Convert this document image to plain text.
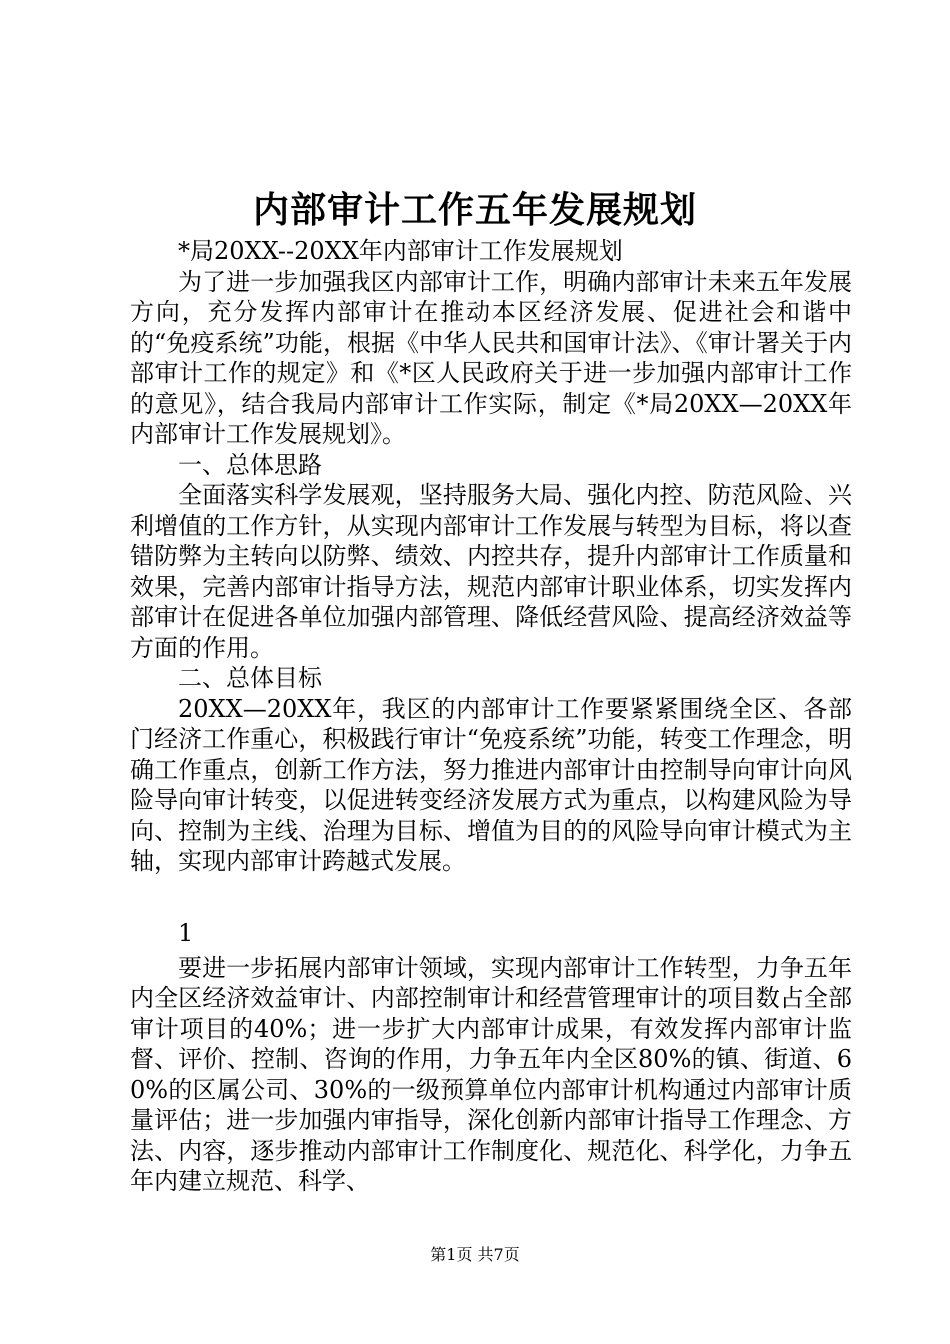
内部审计工作五年发展规划

*局20XX--20XX年内部审计工作发展规划

为了进一步加强我区内部审计工作，明确内部审计未来五年发展方向，充分发挥内部审计在推动本区经济发展、促进社会和谐中的“免疫系统”功能，根据《中华人民共和国审计法》、《审计署关于内部审计工作的规定》和《*区人民政府关于进一步加强内部审计工作的意见》，结合我局内部审计工作实际，制定《*局20XX—20XX年内部审计工作发展规划》。

一、总体思路

全面落实科学发展观，坚持服务大局、强化内控、防范风险、兴利增值的工作方针，从实现内部审计工作发展与转型为目标，将以查错防弊为主转向以防弊、绩效、内控共存，提升内部审计工作质量和效果，完善内部审计指导方法，规范内部审计职业体系，切实发挥内部审计在促进各单位加强内部管理、降低经营风险、提高经济效益等方面的作用。

二、总体目标

20XX—20XX年，我区的内部审计工作要紧紧围绕全区、各部门经济工作重心，积极践行审计“免疫系统”功能，转变工作理念，明确工作重点，创新工作方法，努力推进内部审计由控制导向审计向风险导向审计转变，以促进转变经济发展方式为重点，以构建风险为导向、控制为主线、治理为目标、增值为目的的风险导向审计模式为主轴，实现内部审计跨越式发展。

1

要进一步拓展内部审计领域，实现内部审计工作转型，力争五年内全区经济效益审计、内部控制审计和经营管理审计的项目数占全部审计项目的40%；进一步扩大内部审计成果，有效发挥内部审计监督、评价、控制、咨询的作用，力争五年内全区80%的镇、街道、60%的区属公司、30%的一级预算单位内部审计机构通过内部审计质量评估；进一步加强内审指导，深化创新内部审计指导工作理念、方法、内容，逐步推动内部审计工作制度化、规范化、科学化，力争五年内建立规范、科学、

第1页 共7页
